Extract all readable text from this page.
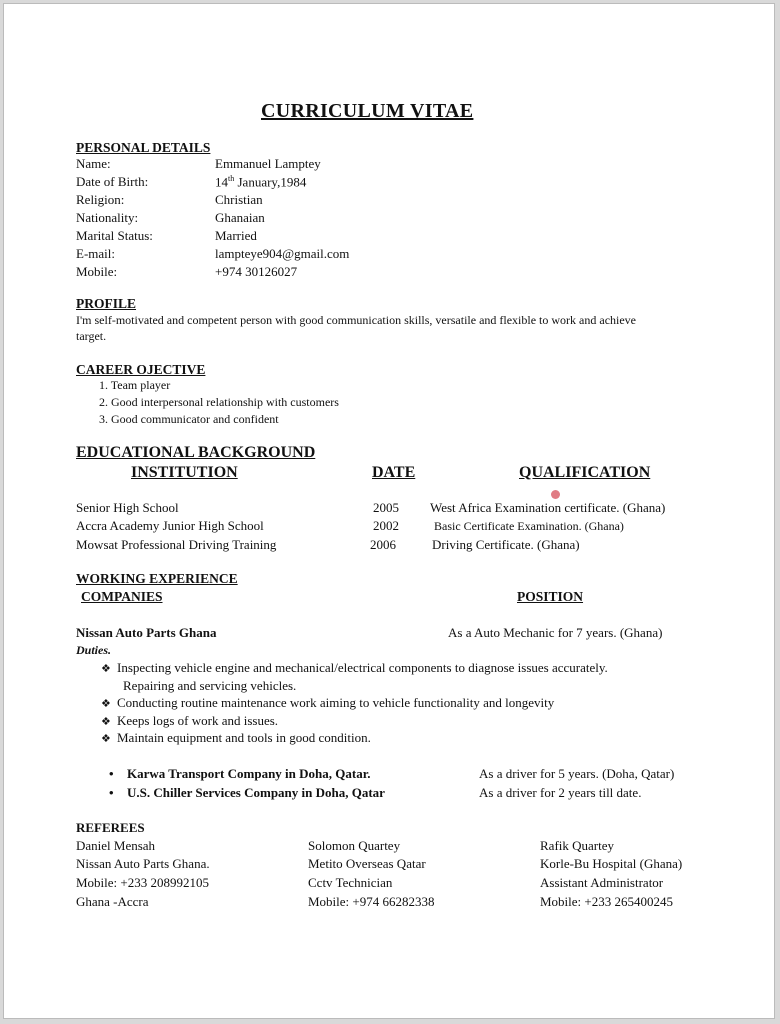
CURRICULUM VITAE
PERSONAL DETAILS
Name:	Emmanuel Lamptey
Date of Birth:	14th January,1984
Religion:	Christian
Nationality:	Ghanaian
Marital Status:	Married
E-mail:	lampteye904@gmail.com
Mobile:	+974 30126027
PROFILE
I'm self-motivated and competent person with good communication skills, versatile and flexible to work and achieve
target.
CAREER OJECTIVE
1. Team player
2. Good interpersonal relationship with customers
3. Good communicator and confident
EDUCATIONAL BACKGROUND
INSTITUTION	DATE	QUALIFICATION
Senior High School	2005 West Africa Examination certificate. (Ghana)
Accra Academy Junior High School	2002	Basic Certificate Examination. (Ghana)
Mowsat Professional Driving Training	2006	Driving Certificate. (Ghana)
WORKING EXPERIENCE
COMPANIES	POSITION
Nissan Auto Parts Ghana	As a Auto Mechanic for 7 years. (Ghana)
Duties.
❖ Inspecting vehicle engine and mechanical/electrical components to diagnose issues accurately.
Repairing and servicing vehicles.
❖ Conducting routine maintenance work aiming to vehicle functionality and longevity
❖ Keeps logs of work and issues.
❖ Maintain equipment and tools in good condition.
• Karwa Transport Company in Doha, Qatar.	As a driver for 5 years. (Doha, Qatar)
• U.S. Chiller Services Company in Doha, Qatar	As a driver for 2 years till date.
REFEREES
Daniel Mensah
Nissan Auto Parts Ghana.
Mobile: +233 208992105
Ghana -Accra
Solomon Quartey
Metito Overseas Qatar
Cctv Technician
Mobile: +974 66282338
Rafik Quartey
Korle-Bu Hospital (Ghana)
Assistant Administrator
Mobile: +233 265400245
